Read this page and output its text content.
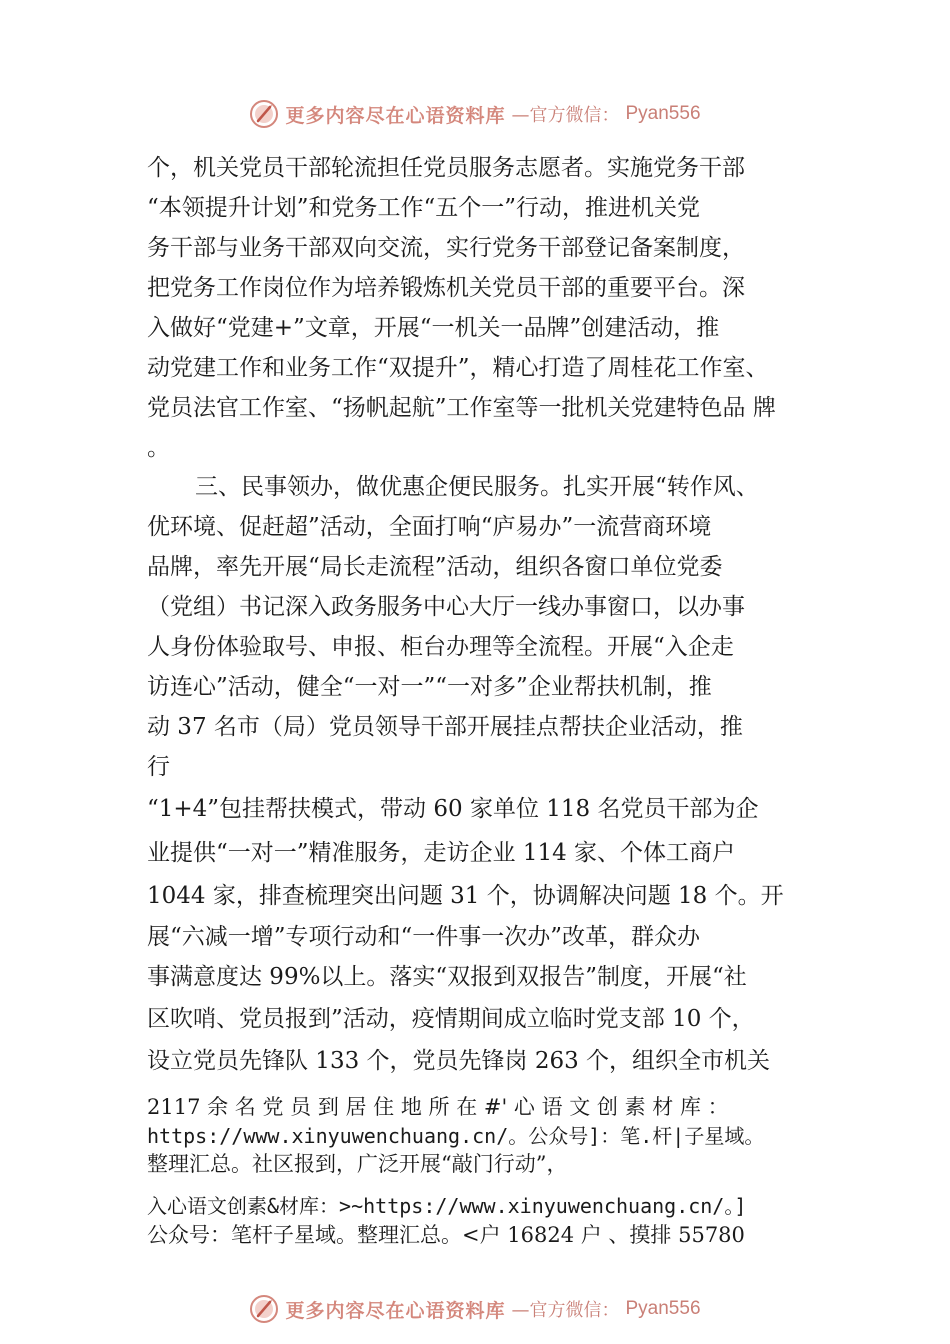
更多内容尽在心语资料库 —官方微信： Pyan556
个，机关党员干部轮流担任党员服务志愿者。实施党务干部
“本领提升计划”和党务工作“五个一”行动，推进机关党
务干部与业务干部双向交流，实行党务干部登记备案制度，
把党务工作岗位作为培养锻炼机关党员干部的重要平台。深
入做好“党建+”文章，开展“一机关一品牌”创建活动，推
动党建工作和业务工作“双提升”，精心打造了周桂花工作室、
党员法官工作室、“扬帆起航”工作室等一批机关党建特色品 牌
。
三、民事领办，做优惠企便民服务。扎实开展“转作风、
优环境、促赶超”活动，全面打响“庐易办”一流营商环境
品牌，率先开展“局长走流程”活动，组织各窗口单位党委
（党组）书记深入政务服务中心大厅一线办事窗口，以办事
人身份体验取号、申报、柜台办理等全流程。开展“入企走
访连心”活动，健全“一对一”“一对多”企业帮扶机制，推
动 37 名市（局）党员领导干部开展挂点帮扶企业活动，推
行
“1+4”包挂帮扶模式，带动 60 家单位 118 名党员干部为企
业提供“一对一”精准服务，走访企业 114 家、个体工商户
1044 家，排查梳理突出问题 31 个，协调解决问题 18 个。开
展“六减一增”专项行动和“一件事一次办”改革，群众办
事满意度达 99%以上。落实“双报到双报告”制度，开展“社
区吹哨、党员报到”活动，疫情期间成立临时党支部 10 个，
设立党员先锋队 133 个，党员先锋岗 263 个，组织全市机关
2117 余 名 党 员 到 居 住 地 所 在 #' 心 语 文 创 素 材 库 ：
https://www.xinyuwenchuang.cn/。公众号]：笔.杆|子星域。
整理汇总。社区报到，广泛开展“敲门行动”，
入心语文创素&材库：>~https://www.xinyuwenchuang.cn/。]
公众号：笔杆子星域。整理汇总。<户 16824 户 、摸排 55780
更多内容尽在心语资料库 —官方微信： Pyan556
